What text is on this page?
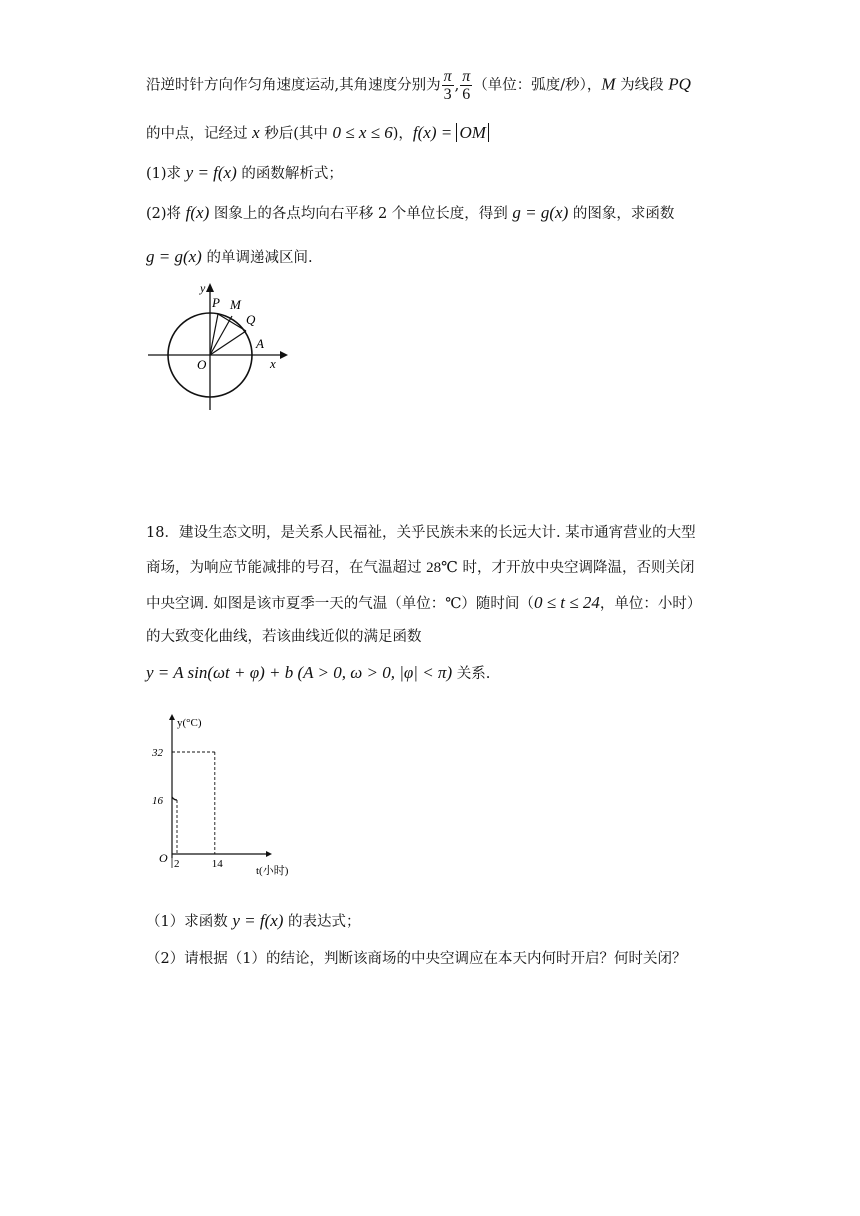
沿逆时针方向作匀角速度运动,其角速度分别为 $\frac{\pi}{3}$ , $\frac{\pi}{6}$ （单位：弧度/秒），M 为线段 PQ
的中点，记经过 x 秒后(其中 0 ≤ x ≤ 6)，f(x) = OM
(1)求 y = f(x) 的函数解析式；
(2)将 f(x) 图象上的各点均向右平移 2 个单位长度，得到 g = g(x) 的图象，求函数
g = g(x) 的单调递减区间.
y
P M
Q
A
O	x
18．建设生态文明，是关系人民福祉，关乎民族未来的长远大计. 某市通宵营业的大型
商场，为响应节能减排的号召，在气温超过 28℃ 时，才开放中央空调降温，否则关闭
中央空调. 如图是该市夏季一天的气温（单位：℃）随时间（0 ≤ t ≤ 24，单位：小时）
的大致变化曲线，若该曲线近似的满足函数
y = A sin(ωt + φ) + b (A > 0, ω > 0, |φ| < π) 关系.
16
32
2	14
y(°C)
t(小时)
O
（1）求函数 y = f(x) 的表达式；
（2）请根据（1）的结论，判断该商场的中央空调应在本天内何时开启？何时关闭？
